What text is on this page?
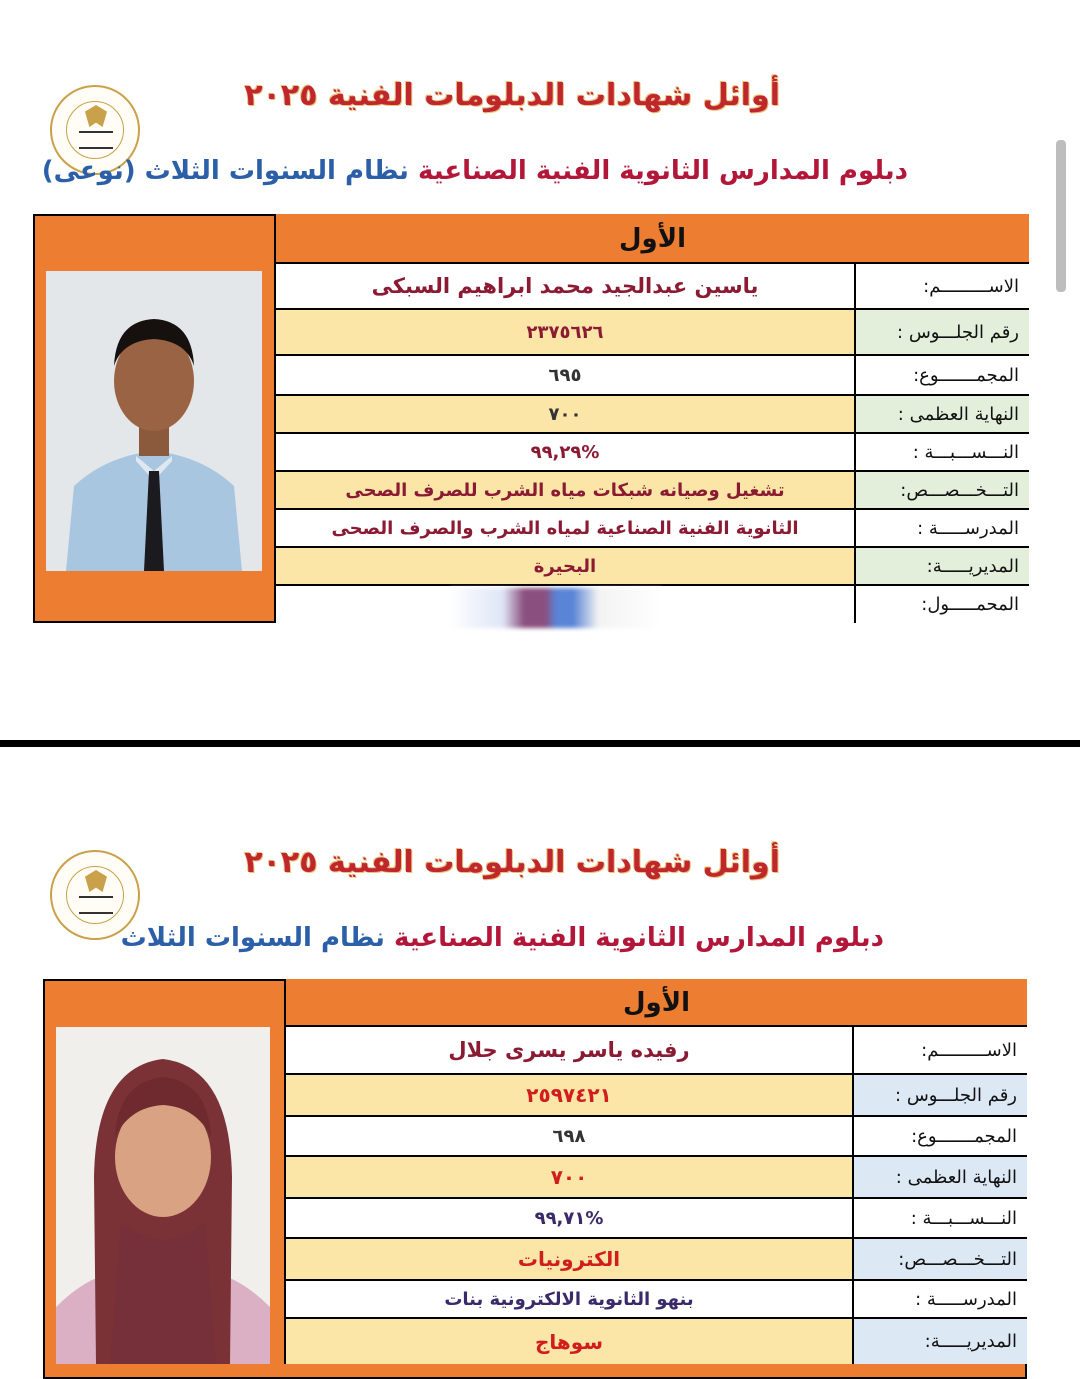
أوائل شهادات الدبلومات الفنية ٢٠٢٥
دبلوم المدارس الثانوية الفنية الصناعية نظام السنوات الثلاث (نوعى)
الأول
ياسين عبدالجيد محمد ابراهيم السبكى	الاســـــــــم:
٢٣٧٥٦٢٦	رقم الجلـــوس :
٦٩٥	المجمـــــــوع:
٧٠٠	النهاية العظمى :
%٩٩,٢٩	النـــســـبـــة :
تشغيل وصيانه شبكات مياه الشرب للصرف الصحى	التـــخـــصـــص:
الثانوية الفنية الصناعية لمياه الشرب والصرف الصحى	المدرســـــة :
البحيرة	المديريـــــة:
المحمـــــول:
أوائل شهادات الدبلومات الفنية ٢٠٢٥
دبلوم المدارس الثانوية الفنية الصناعية نظام السنوات الثلاث
الأول
رفيده ياسر يسرى جلال	الاســـــــــم:
٢٥٩٧٤٢١	رقم الجلـــوس :
٦٩٨	المجمـــــــوع:
٧٠٠	النهاية العظمى :
%٩٩,٧١	النـــســـبـــة :
الكترونيات	التـــخـــصـــص:
بنهو الثانوية الالكترونية بنات	المدرســـــة :
سوهاج	المديريـــــة:
